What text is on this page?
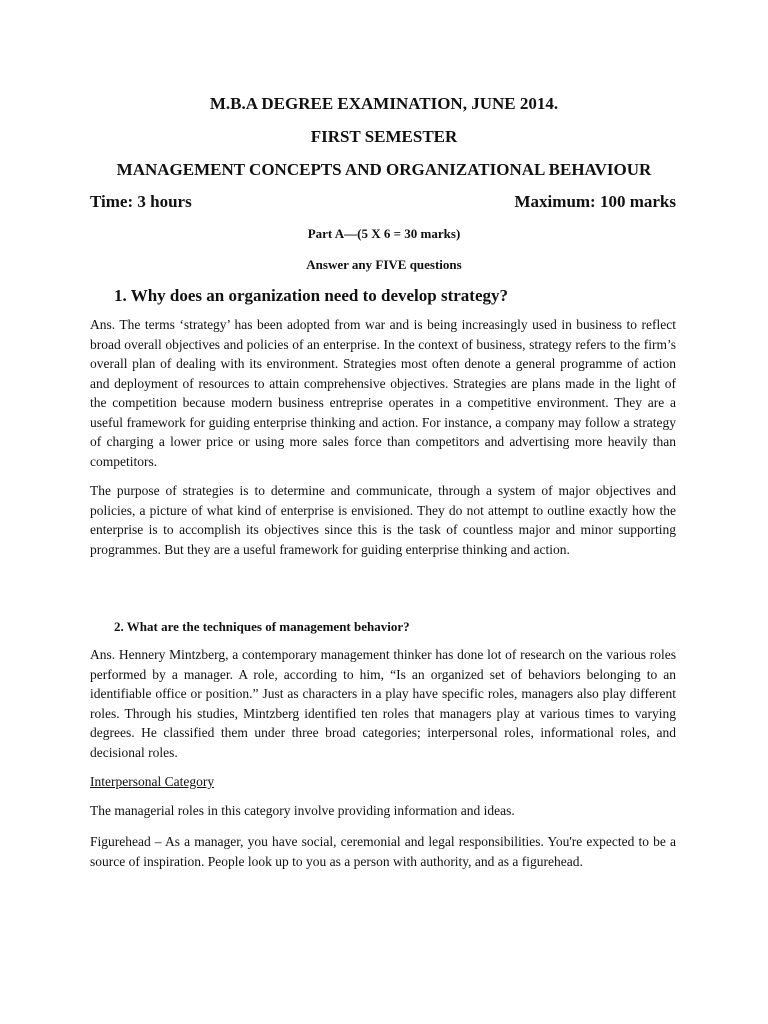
M.B.A DEGREE EXAMINATION, JUNE 2014.
FIRST SEMESTER
MANAGEMENT CONCEPTS AND ORGANIZATIONAL BEHAVIOUR
Time: 3 hours	Maximum: 100 marks
Part A—(5 X 6 = 30 marks)
Answer any FIVE questions
1. Why does an organization need to develop strategy?
Ans. The terms ‘strategy’ has been adopted from war and is being increasingly used in business to reflect broad overall objectives and policies of an enterprise. In the context of business, strategy refers to the firm’s overall plan of dealing with its environment. Strategies most often denote a general programme of action and deployment of resources to attain comprehensive objectives. Strategies are plans made in the light of the competition because modern business entreprise operates in a competitive environment. They are a useful framework for guiding enterprise thinking and action. For instance, a company may follow a strategy of charging a lower price or using more sales force than competitors and advertising more heavily than competitors.
The purpose of strategies is to determine and communicate, through a system of major objectives and policies, a picture of what kind of enterprise is envisioned. They do not attempt to outline exactly how the enterprise is to accomplish its objectives since this is the task of countless major and minor supporting programmes. But they are a useful framework for guiding enterprise thinking and action.
2. What are the techniques of management behavior?
Ans. Hennery Mintzberg, a contemporary management thinker has done lot of research on the various roles performed by a manager. A role, according to him, “Is an organized set of behaviors belonging to an identifiable office or position.” Just as characters in a play have specific roles, managers also play different roles. Through his studies, Mintzberg identified ten roles that managers play at various times to varying degrees. He classified them under three broad categories; interpersonal roles, informational roles, and decisional roles.
Interpersonal Category
The managerial roles in this category involve providing information and ideas.
Figurehead – As a manager, you have social, ceremonial and legal responsibilities. You're expected to be a source of inspiration. People look up to you as a person with authority, and as a figurehead.
